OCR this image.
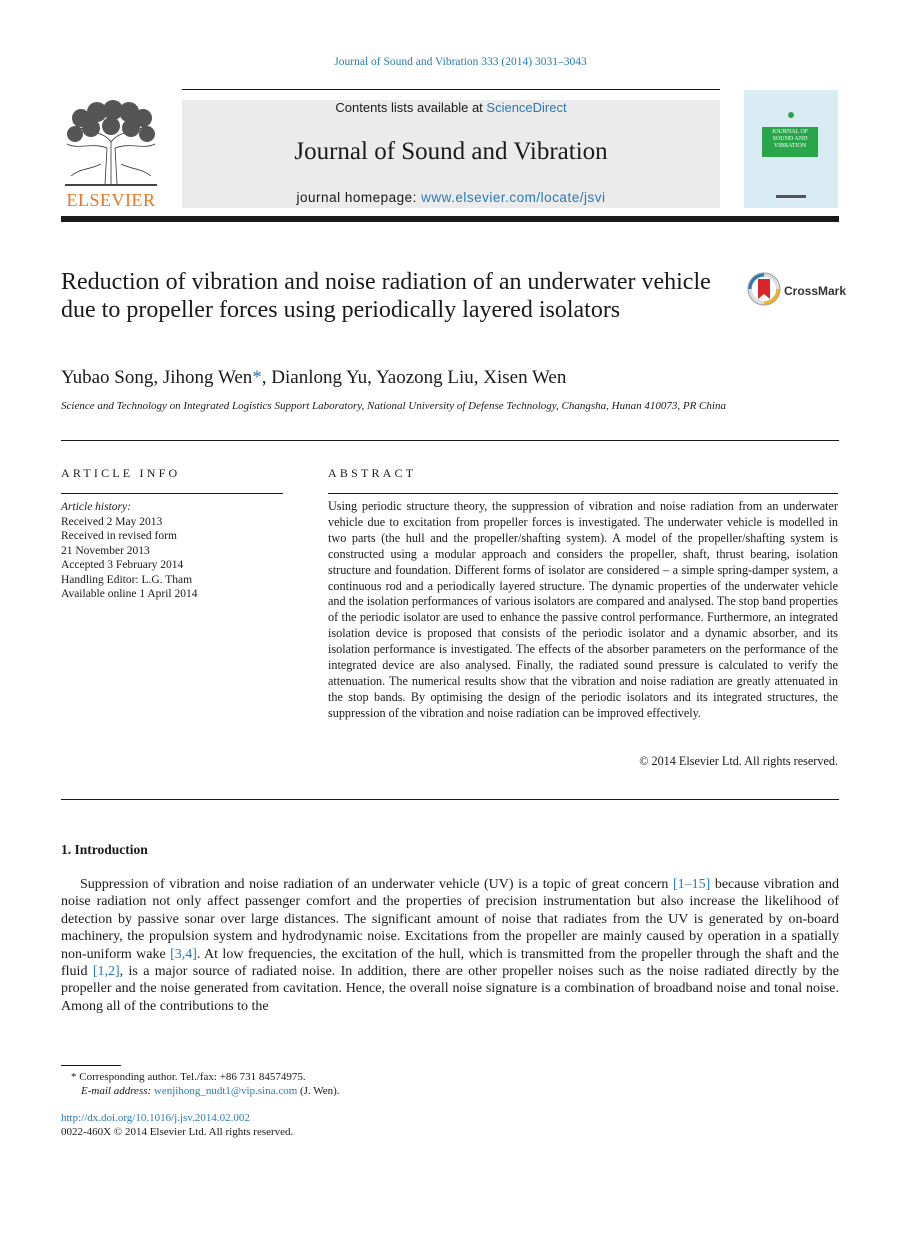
Journal of Sound and Vibration 333 (2014) 3031–3043
ELSEVIER
Contents lists available at ScienceDirect
Journal of Sound and Vibration
journal homepage: www.elsevier.com/locate/jsvi
JOURNAL OF SOUND AND VIBRATION
Reduction of vibration and noise radiation of an underwater vehicle due to propeller forces using periodically layered isolators
CrossMark
Yubao Song, Jihong Wen*, Dianlong Yu, Yaozong Liu, Xisen Wen
Science and Technology on Integrated Logistics Support Laboratory, National University of Defense Technology, Changsha, Hunan 410073, PR China
ARTICLE INFO
Article history:
Received 2 May 2013
Received in revised form
21 November 2013
Accepted 3 February 2014
Handling Editor: L.G. Tham
Available online 1 April 2014
ABSTRACT
Using periodic structure theory, the suppression of vibration and noise radiation from an underwater vehicle due to excitation from propeller forces is investigated. The underwater vehicle is modelled in two parts (the hull and the propeller/shafting system). A model of the propeller/shafting system is constructed using a modular approach and considers the propeller, shaft, thrust bearing, isolation structure and foundation. Different forms of isolator are considered – a simple spring-damper system, a continuous rod and a periodically layered structure. The dynamic properties of the underwater vehicle and the isolation performances of various isolators are compared and analysed. The stop band properties of the periodic isolator are used to enhance the passive control performance. Furthermore, an integrated isolation device is proposed that consists of the periodic isolator and a dynamic absorber, and its isolation performance is investigated. The effects of the absorber parameters on the performance of the integrated device are also analysed. Finally, the radiated sound pressure is calculated to verify the attenuation. The numerical results show that the vibration and noise radiation are greatly attenuated in the stop bands. By optimising the design of the periodic isolators and its integrated structures, the suppression of the vibration and noise radiation can be improved effectively.
© 2014 Elsevier Ltd. All rights reserved.
1. Introduction
Suppression of vibration and noise radiation of an underwater vehicle (UV) is a topic of great concern [1–15] because vibration and noise radiation not only affect passenger comfort and the properties of precision instrumentation but also increase the likelihood of detection by passive sonar over large distances. The significant amount of noise that radiates from the UV is generated by on-board machinery, the propulsion system and hydrodynamic noise. Excitations from the propeller are mainly caused by operation in a spatially non-uniform wake [3,4]. At low frequencies, the excitation of the hull, which is transmitted from the propeller through the shaft and the fluid [1,2], is a major source of radiated noise. In addition, there are other propeller noises such as the noise radiated directly by the propeller and the noise generated from cavitation. Hence, the overall noise signature is a combination of broadband noise and tonal noise. Among all of the contributions to the
* Corresponding author. Tel./fax: +86 731 84574975.
E-mail address: wenjihong_nudt1@vip.sina.com (J. Wen).
http://dx.doi.org/10.1016/j.jsv.2014.02.002
0022-460X © 2014 Elsevier Ltd. All rights reserved.
